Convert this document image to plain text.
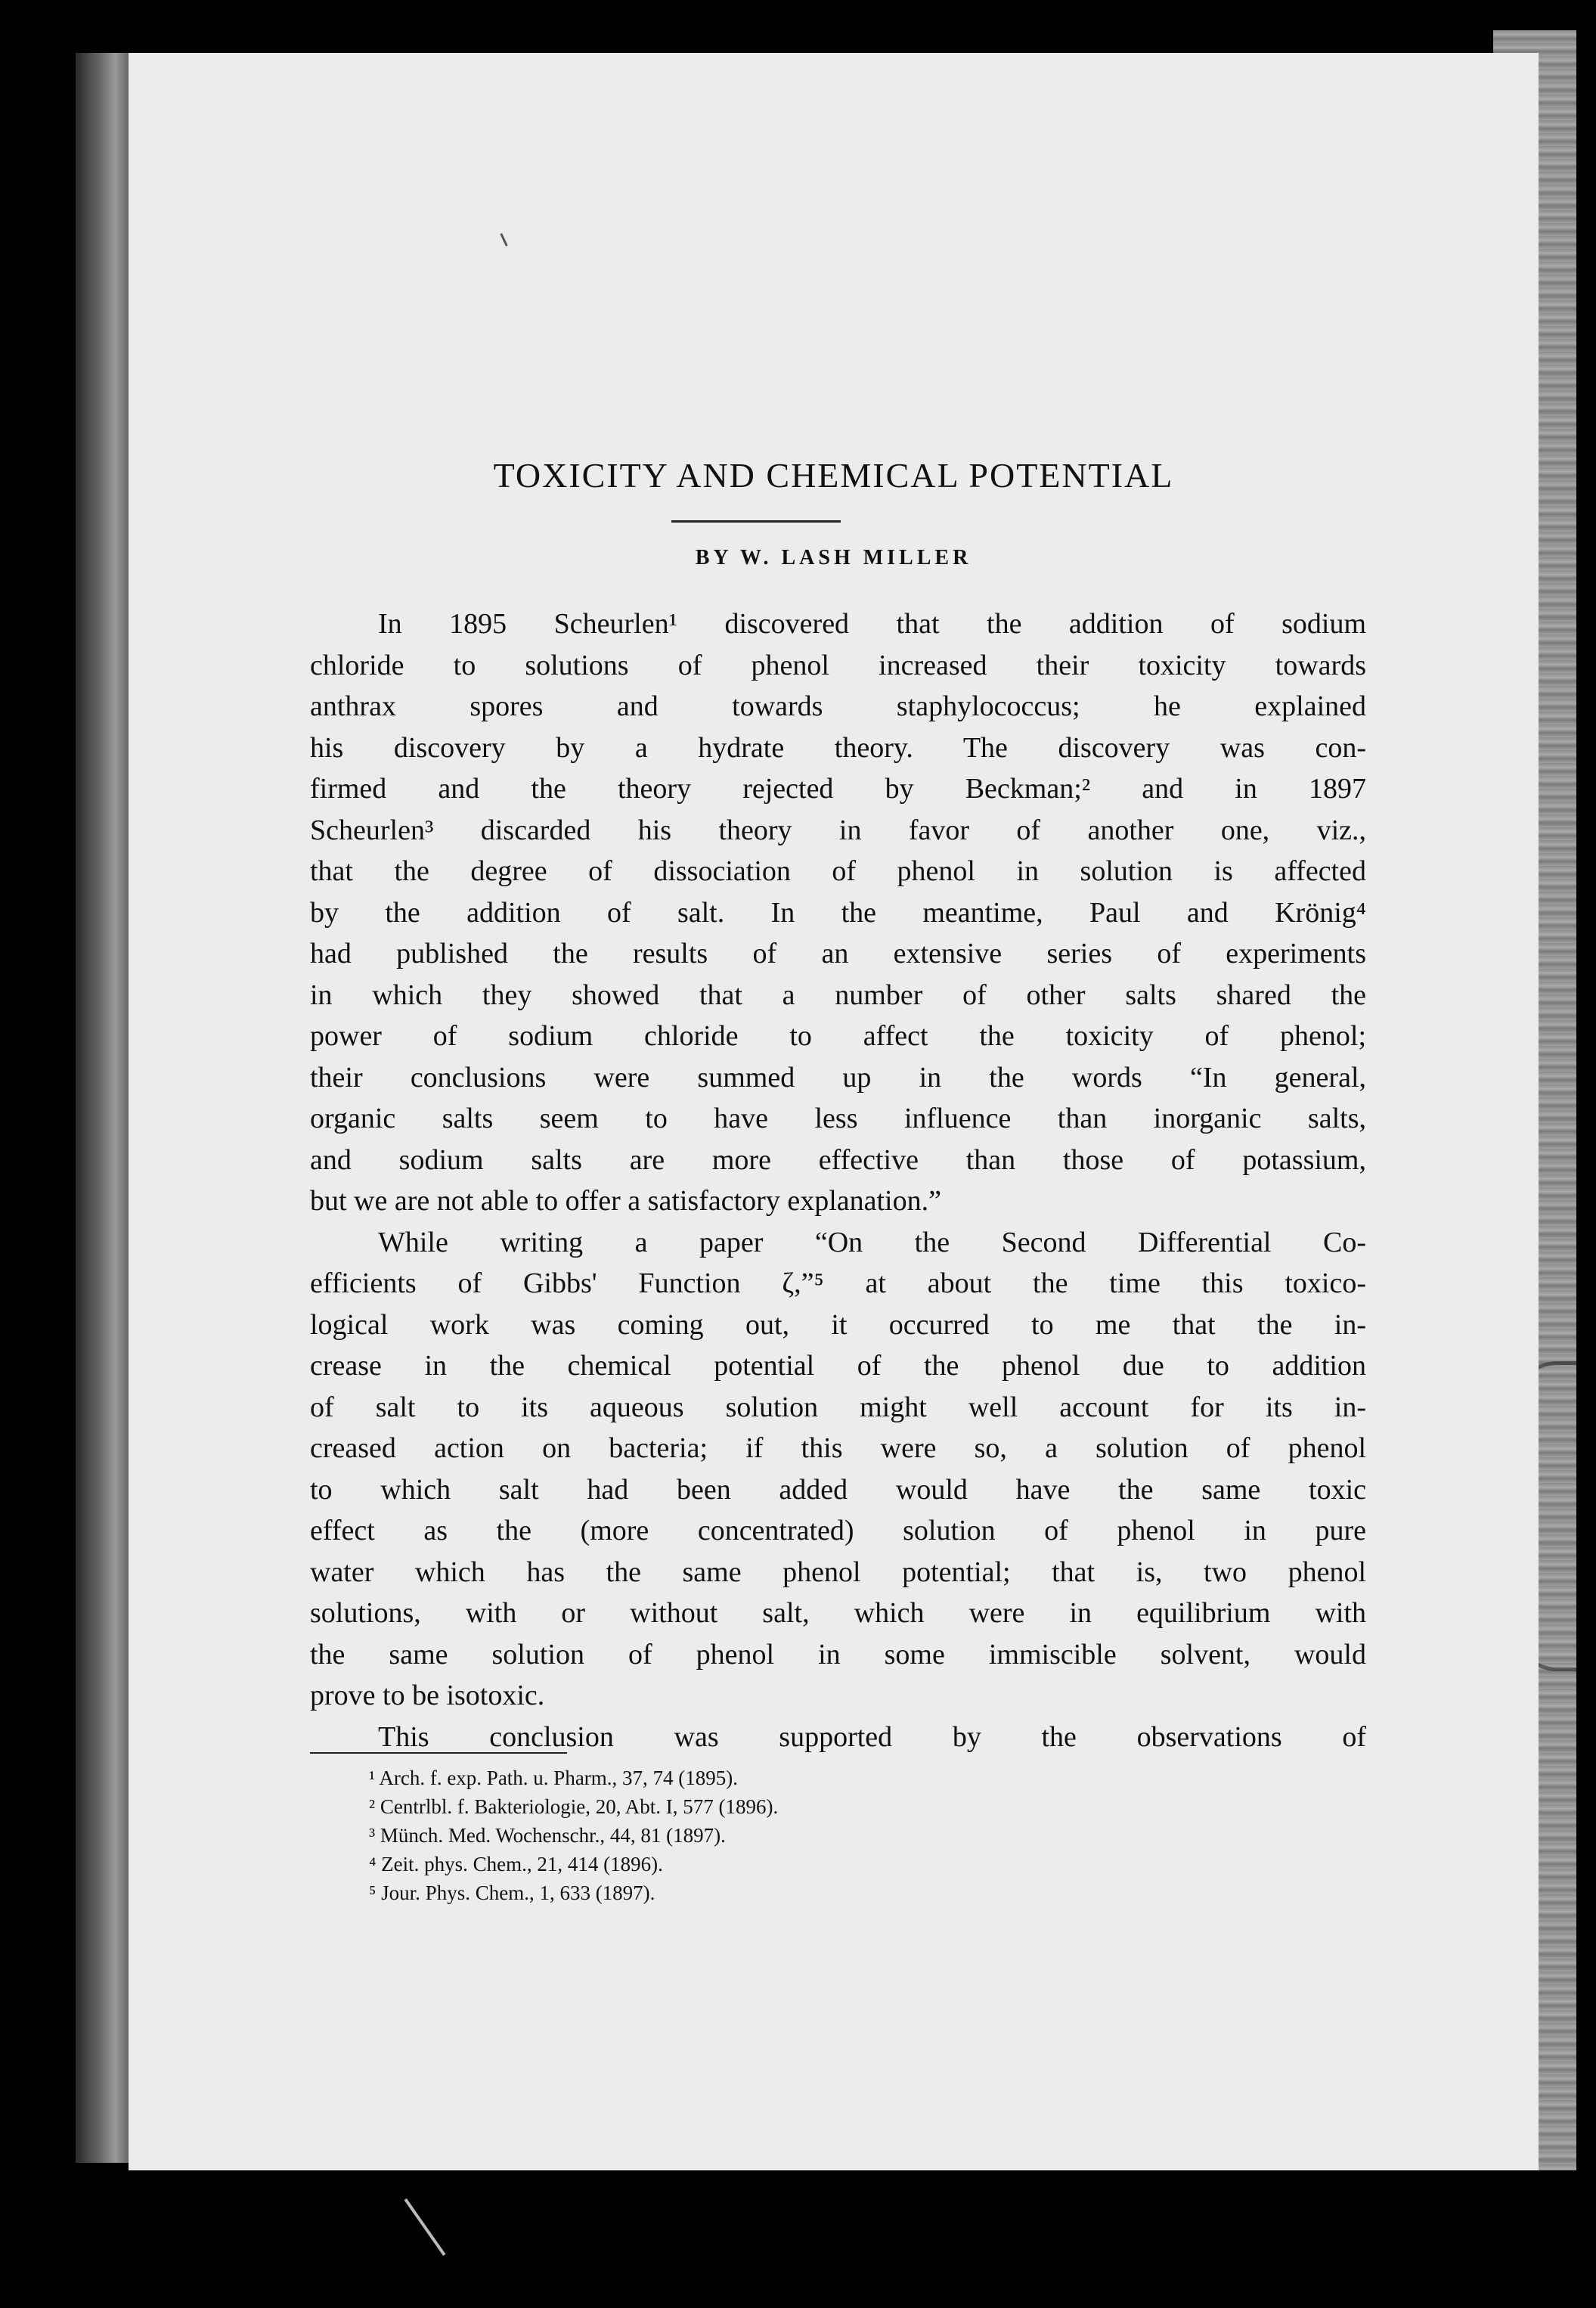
TOXICITY AND CHEMICAL POTENTIAL
BY W. LASH MILLER
In 1895 Scheurlen¹ discovered that the addition of sodium
chloride to solutions of phenol increased their toxicity towards
anthrax spores and towards staphylococcus; he explained
his discovery by a hydrate theory. The discovery was con-
firmed and the theory rejected by Beckman;² and in 1897
Scheurlen³ discarded his theory in favor of another one, viz.,
that the degree of dissociation of phenol in solution is affected
by the addition of salt. In the meantime, Paul and Krönig⁴
had published the results of an extensive series of experiments
in which they showed that a number of other salts shared the
power of sodium chloride to affect the toxicity of phenol;
their conclusions were summed up in the words “In general,
organic salts seem to have less influence than inorganic salts,
and sodium salts are more effective than those of potassium,
but we are not able to offer a satisfactory explanation.”
While writing a paper “On the Second Differential Co-
efficients of Gibbs' Function ζ,”⁵ at about the time this toxico-
logical work was coming out, it occurred to me that the in-
crease in the chemical potential of the phenol due to addition
of salt to its aqueous solution might well account for its in-
creased action on bacteria; if this were so, a solution of phenol
to which salt had been added would have the same toxic
effect as the (more concentrated) solution of phenol in pure
water which has the same phenol potential; that is, two phenol
solutions, with or without salt, which were in equilibrium with
the same solution of phenol in some immiscible solvent, would
prove to be isotoxic.
This conclusion was supported by the observations of
¹ Arch. f. exp. Path. u. Pharm., 37, 74 (1895).
² Centrlbl. f. Bakteriologie, 20, Abt. I, 577 (1896).
³ Münch. Med. Wochenschr., 44, 81 (1897).
⁴ Zeit. phys. Chem., 21, 414 (1896).
⁵ Jour. Phys. Chem., 1, 633 (1897).
